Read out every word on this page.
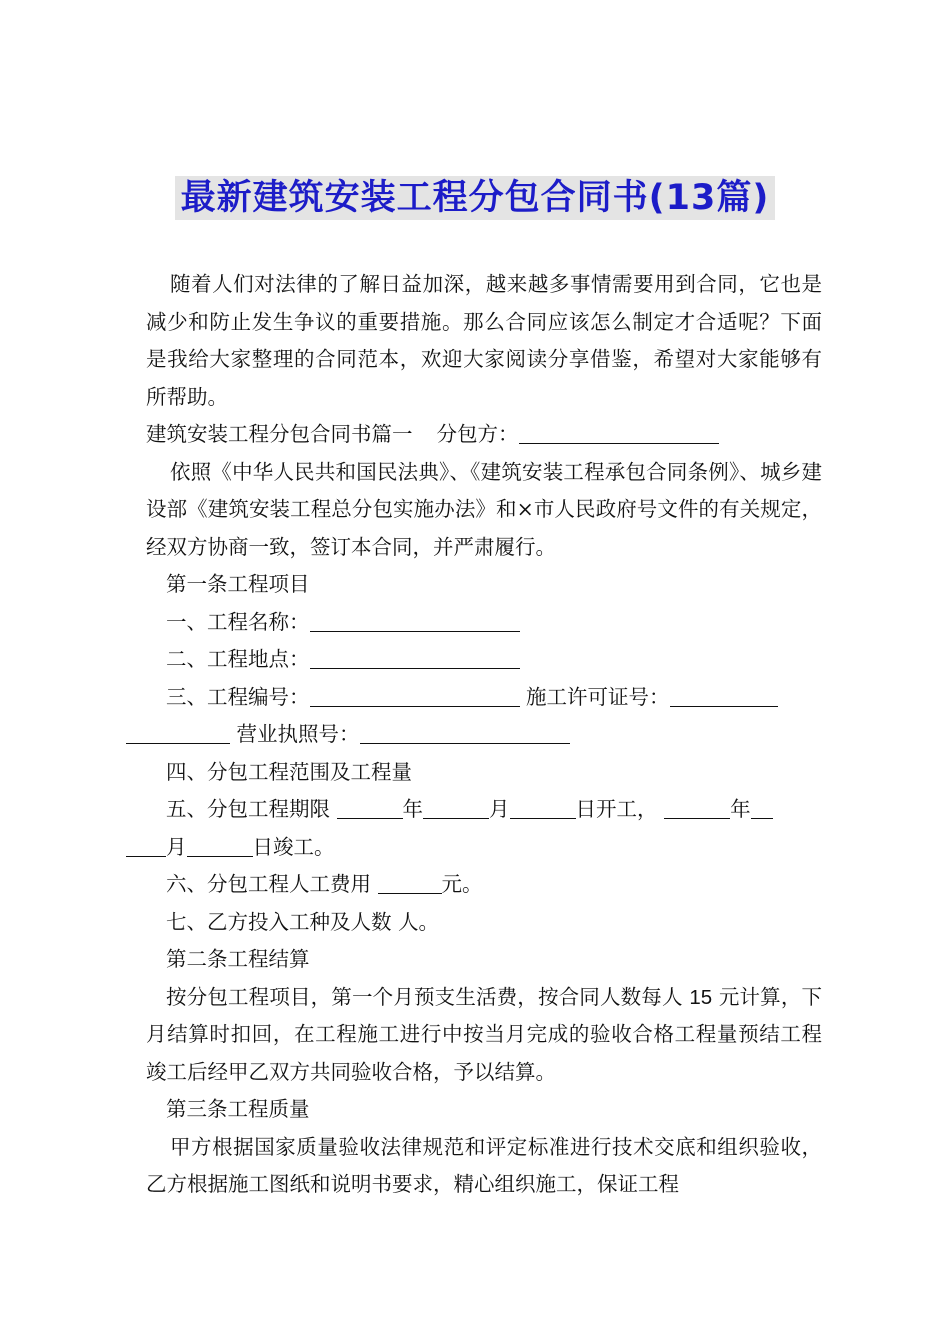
最新建筑安装工程分包合同书(13篇)

随着人们对法律的了解日益加深，越来越多事情需要用到合同，它也是减少和防止发生争议的重要措施。那么合同应该怎么制定才合适呢？下面是我给大家整理的合同范本，欢迎大家阅读分享借鉴，希望对大家能够有所帮助。

建筑安装工程分包合同书篇一 分包方：

依照《中华人民共和国民法典》、《建筑安装工程承包合同条例》、城乡建设部《建筑安装工程总分包实施办法》和×市人民政府号文件的有关规定，经双方协商一致，签订本合同，并严肃履行。

第一条工程项目

一、工程名称：

二、工程地点：

三、工程编号：	施工许可证号：
营业执照号：

四、分包工程范围及工程量

五、分包工程期限	年	月	日开工，	年
月	日竣工。

六、分包工程人工费用	元。

七、乙方投入工种及人数 人。

第二条工程结算

按分包工程项目，第一个月预支生活费，按合同人数每人 15 元计算，下月结算时扣回，在工程施工进行中按当月完成的验收合格工程量预结工程竣工后经甲乙双方共同验收合格，予以结算。

第三条工程质量

甲方根据国家质量验收法律规范和评定标准进行技术交底和组织验收，乙方根据施工图纸和说明书要求，精心组织施工，保证工程
